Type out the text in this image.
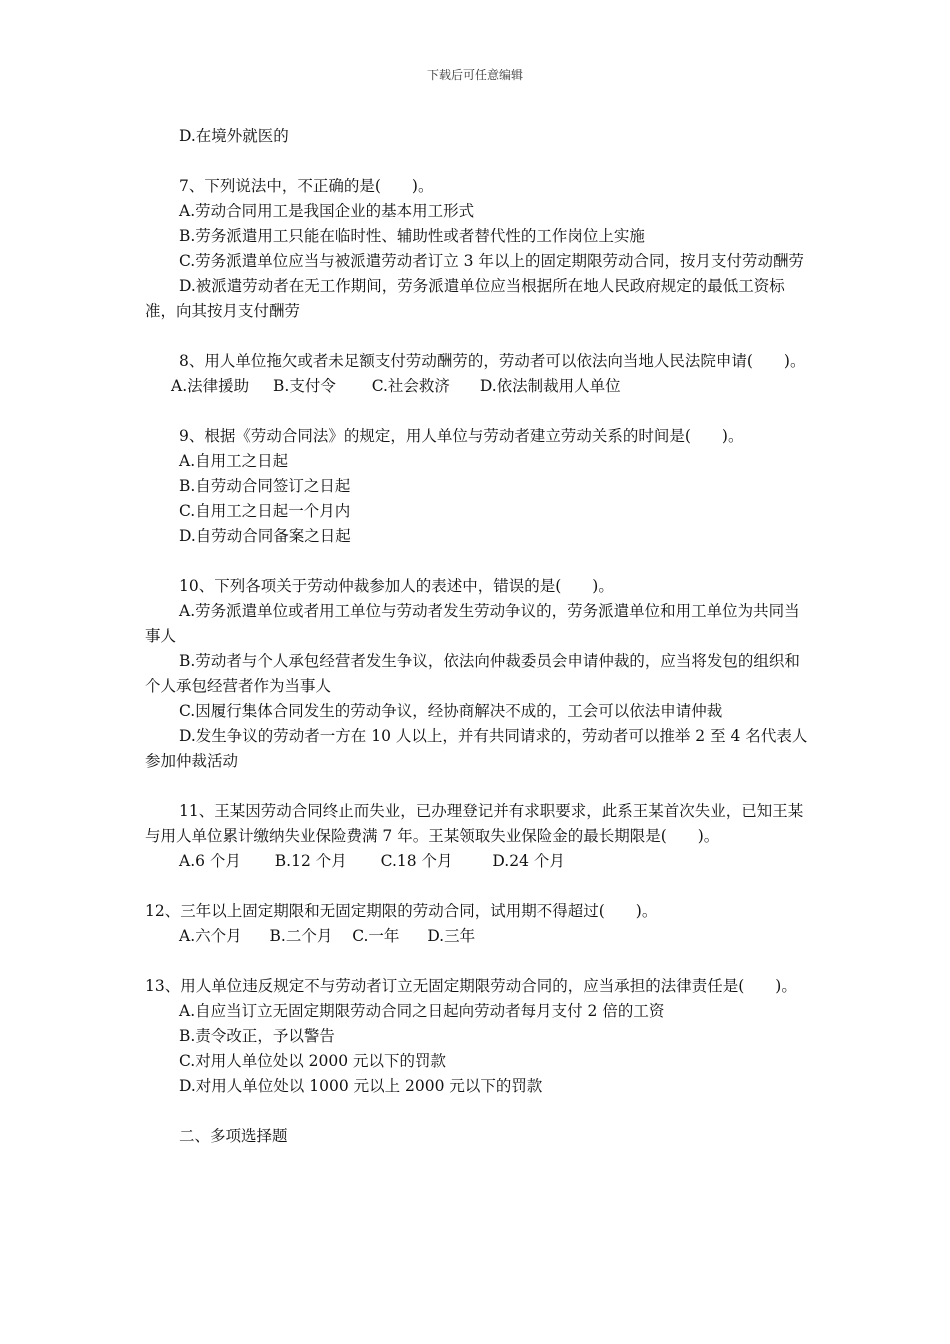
下载后可任意编辑
D.在境外就医的
7、下列说法中，不正确的是(　　)。
A.劳动合同用工是我国企业的基本用工形式
B.劳务派遣用工只能在临时性、辅助性或者替代性的工作岗位上实施
C.劳务派遣单位应当与被派遣劳动者订立 3 年以上的固定期限劳动合同，按月支付劳动酬劳
D.被派遣劳动者在无工作期间，劳务派遣单位应当根据所在地人民政府规定的最低工资标准，向其按月支付酬劳
8、用人单位拖欠或者未足额支付劳动酬劳的，劳动者可以依法向当地人民法院申请(　　)。
A.法律援助 B.支付令 C.社会救济 D.依法制裁用人单位
9、根据《劳动合同法》的规定，用人单位与劳动者建立劳动关系的时间是(　　)。
A.自用工之日起
B.自劳动合同签订之日起
C.自用工之日起一个月内
D.自劳动合同备案之日起
10、下列各项关于劳动仲裁参加人的表述中，错误的是(　　)。
A.劳务派遣单位或者用工单位与劳动者发生劳动争议的，劳务派遣单位和用工单位为共同当事人
B.劳动者与个人承包经营者发生争议，依法向仲裁委员会申请仲裁的，应当将发包的组织和个人承包经营者作为当事人
C.因履行集体合同发生的劳动争议，经协商解决不成的，工会可以依法申请仲裁
D.发生争议的劳动者一方在 10 人以上，并有共同请求的，劳动者可以推举 2 至 4 名代表人参加仲裁活动
11、王某因劳动合同终止而失业，已办理登记并有求职要求，此系王某首次失业，已知王某与用人单位累计缴纳失业保险费满 7 年。王某领取失业保险金的最长期限是(　　)。
A.6 个月 B.12 个月 C.18 个月	D.24 个月
12、三年以上固定期限和无固定期限的劳动合同，试用期不得超过(　　)。
A.六个月 B.二个月 C.一年 D.三年
13、用人单位违反规定不与劳动者订立无固定期限劳动合同的，应当承担的法律责任是(　　)。
A.自应当订立无固定期限劳动合同之日起向劳动者每月支付 2 倍的工资
B.责令改正，予以警告
C.对用人单位处以 2000 元以下的罚款
D.对用人单位处以 1000 元以上 2000 元以下的罚款
二、多项选择题
